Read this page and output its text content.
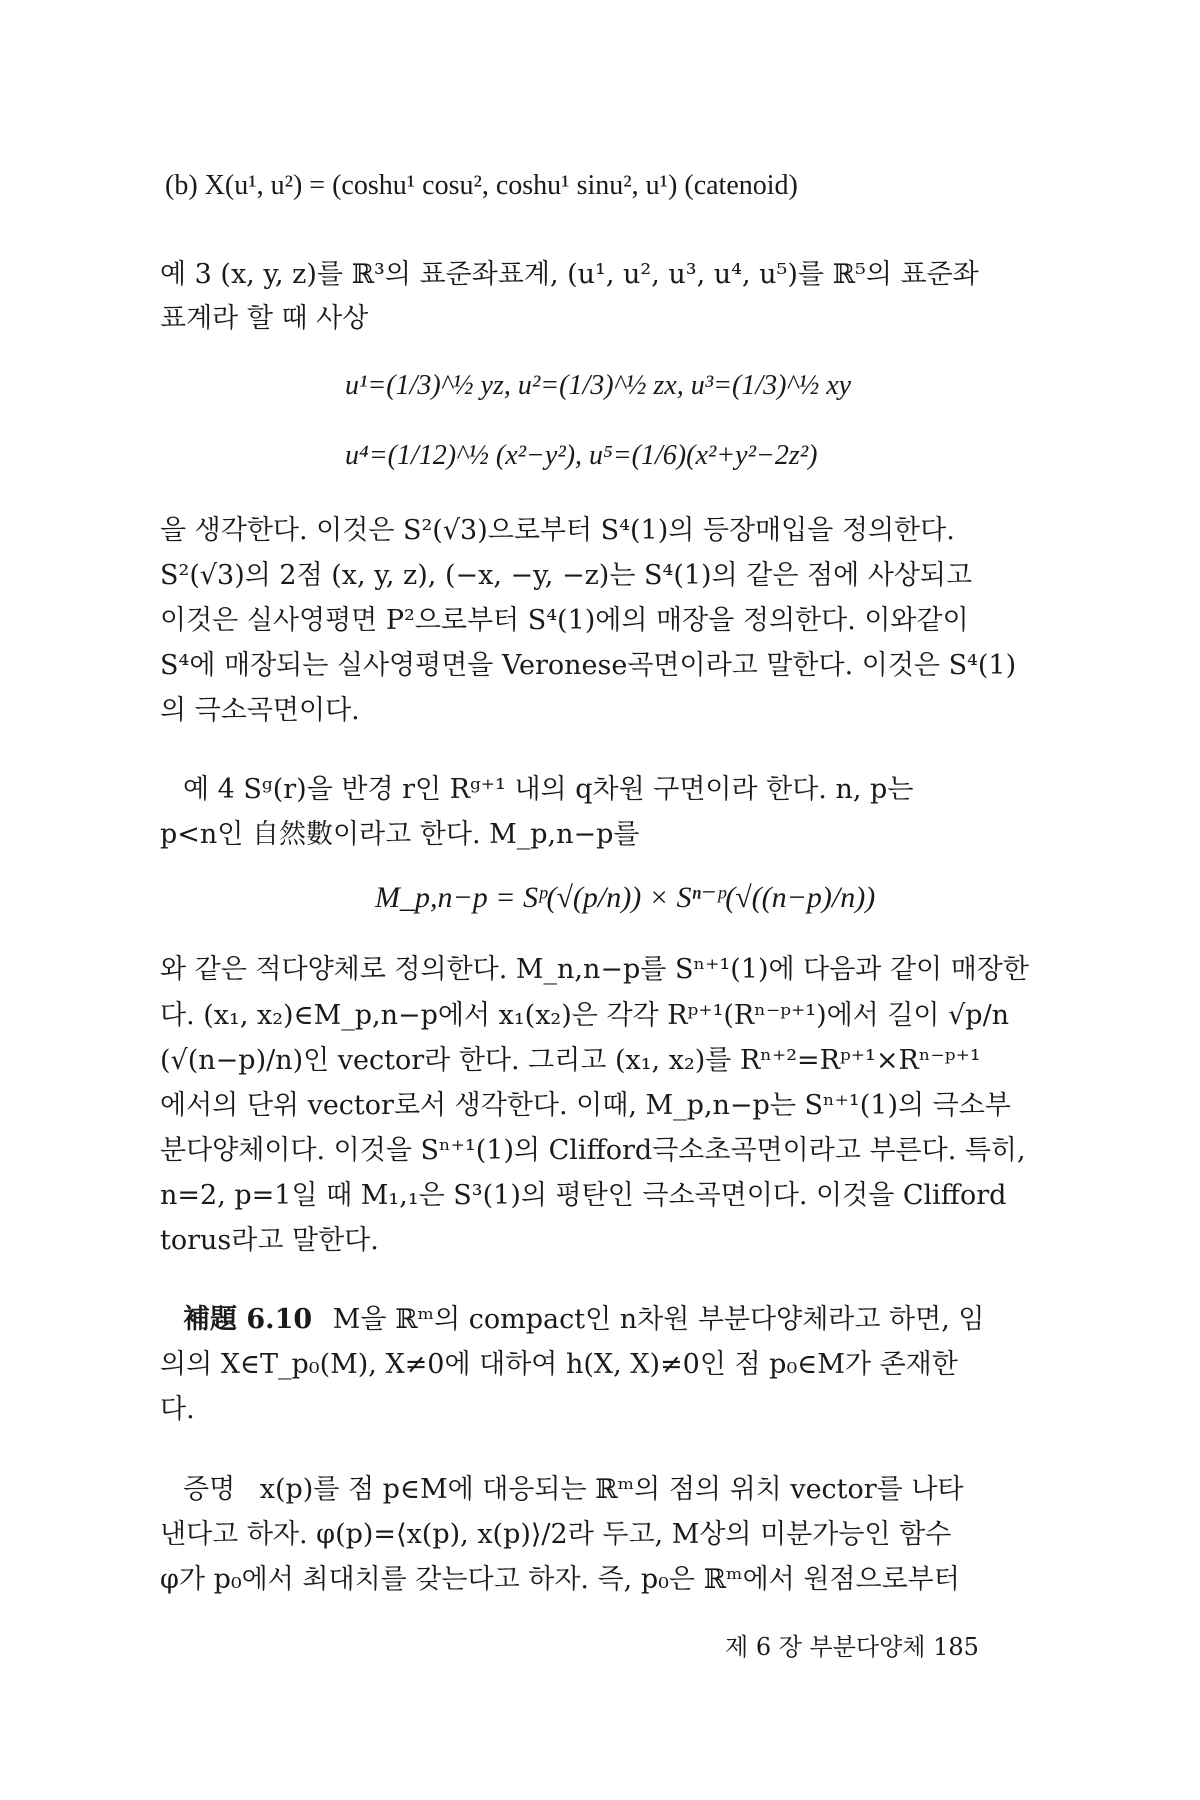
(b) X(u¹, u²) = (coshu¹ cosu², coshu¹ sinu², u¹) (catenoid)
예 3 (x, y, z)를 ℝ³의 표준좌표계, (u¹, u², u³, u⁴, u⁵)를 ℝ⁵의 표준좌
표계라 할 때 사상
u¹=(1/3)^½ yz, u²=(1/3)^½ zx, u³=(1/3)^½ xy
u⁴=(1/12)^½ (x²−y²), u⁵=(1/6)(x²+y²−2z²)
을 생각한다. 이것은 S²(√3)으로부터 S⁴(1)의 등장매입을 정의한다.
S²(√3)의 2점 (x, y, z), (−x, −y, −z)는 S⁴(1)의 같은 점에 사상되고
이것은 실사영평면 P²으로부터 S⁴(1)에의 매장을 정의한다. 이와같이
S⁴에 매장되는 실사영평면을 Veronese곡면이라고 말한다. 이것은 S⁴(1)
의 극소곡면이다.
예 4 Sᵍ(r)을 반경 r인 Rᵍ⁺¹ 내의 q차원 구면이라 한다. n, p는
p<n인 自然數이라고 한다. M_p,n−p를
M_p,n−p = Sᵖ(√(p/n)) × Sⁿ⁻ᵖ(√((n−p)/n))
와 같은 적다양체로 정의한다. M_n,n−p를 Sⁿ⁺¹(1)에 다음과 같이 매장한
다. (x₁, x₂)∈M_p,n−p에서 x₁(x₂)은 각각 Rᵖ⁺¹(Rⁿ⁻ᵖ⁺¹)에서 길이 √p/n
(√(n−p)/n)인 vector라 한다. 그리고 (x₁, x₂)를 Rⁿ⁺²=Rᵖ⁺¹×Rⁿ⁻ᵖ⁺¹
에서의 단위 vector로서 생각한다. 이때, M_p,n−p는 Sⁿ⁺¹(1)의 극소부
분다양체이다. 이것을 Sⁿ⁺¹(1)의 Clifford극소초곡면이라고 부른다. 특히,
n=2, p=1일 때 M₁,₁은 S³(1)의 평탄인 극소곡면이다. 이것을 Clifford
torus라고 말한다.
補題 6.10 M을 ℝᵐ의 compact인 n차원 부분다양체라고 하면, 임
의의 X∈T_p₀(M), X≠0에 대하여 h(X, X)≠0인 점 p₀∈M가 존재한
다.
증명 x(p)를 점 p∈M에 대응되는 ℝᵐ의 점의 위치 vector를 나타
낸다고 하자. φ(p)=⟨x(p), x(p)⟩/2라 두고, M상의 미분가능인 함수
φ가 p₀에서 최대치를 갖는다고 하자. 즉, p₀은 ℝᵐ에서 원점으로부터
제 6 장 부분다양체 185
